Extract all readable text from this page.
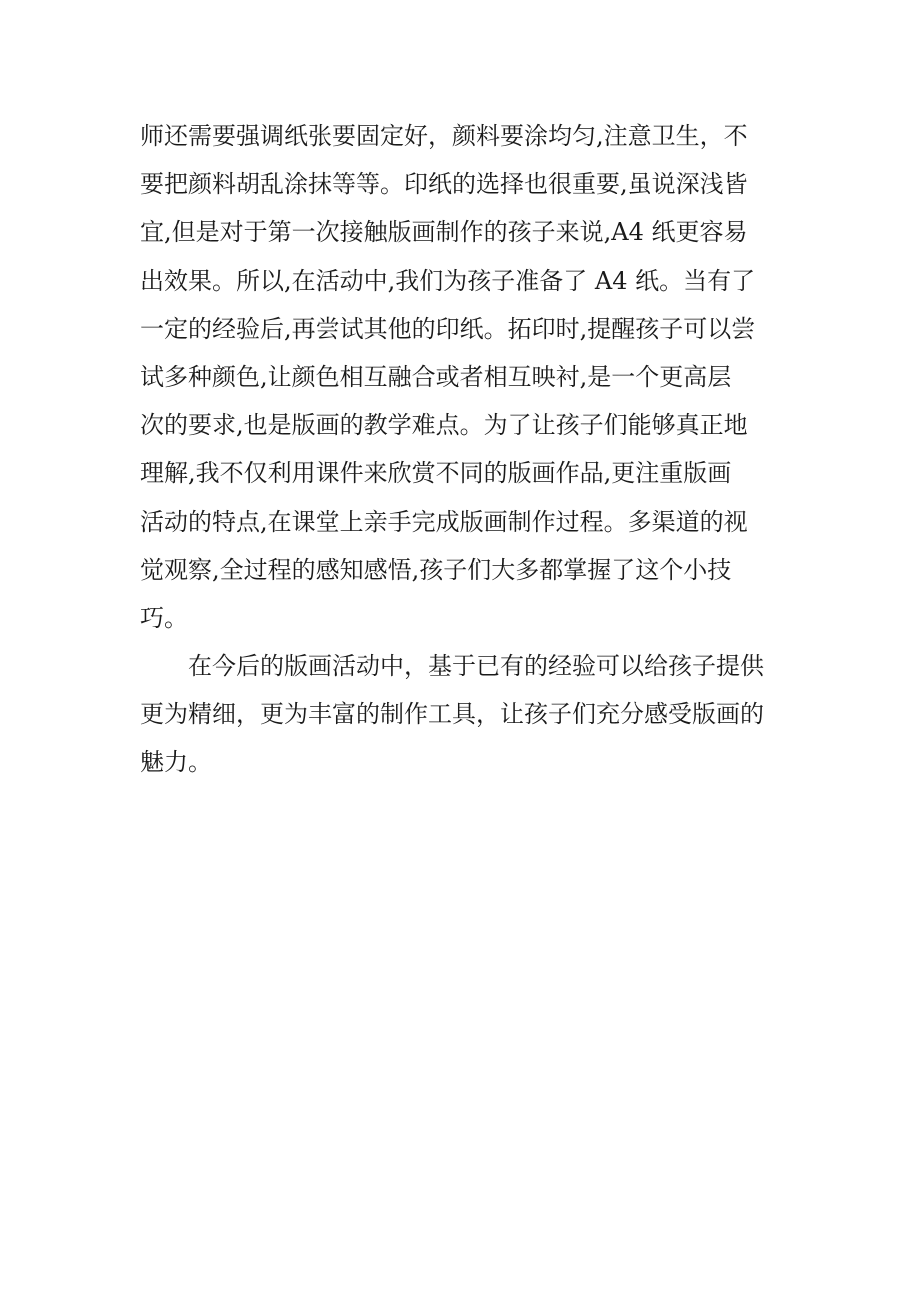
师还需要强调纸张要固定好，颜料要涂均匀,注意卫生，不
要把颜料胡乱涂抹等等。印纸的选择也很重要,虽说深浅皆
宜,但是对于第一次接触版画制作的孩子来说,A4 纸更容易
出效果。所以,在活动中,我们为孩子准备了 A4 纸。当有了
一定的经验后,再尝试其他的印纸。拓印时,提醒孩子可以尝
试多种颜色,让颜色相互融合或者相互映衬,是一个更高层
次的要求,也是版画的教学难点。为了让孩子们能够真正地
理解,我不仅利用课件来欣赏不同的版画作品,更注重版画
活动的特点,在课堂上亲手完成版画制作过程。多渠道的视
觉观察,全过程的感知感悟,孩子们大多都掌握了这个小技
巧。
在今后的版画活动中，基于已有的经验可以给孩子提供
更为精细，更为丰富的制作工具，让孩子们充分感受版画的
魅力。
